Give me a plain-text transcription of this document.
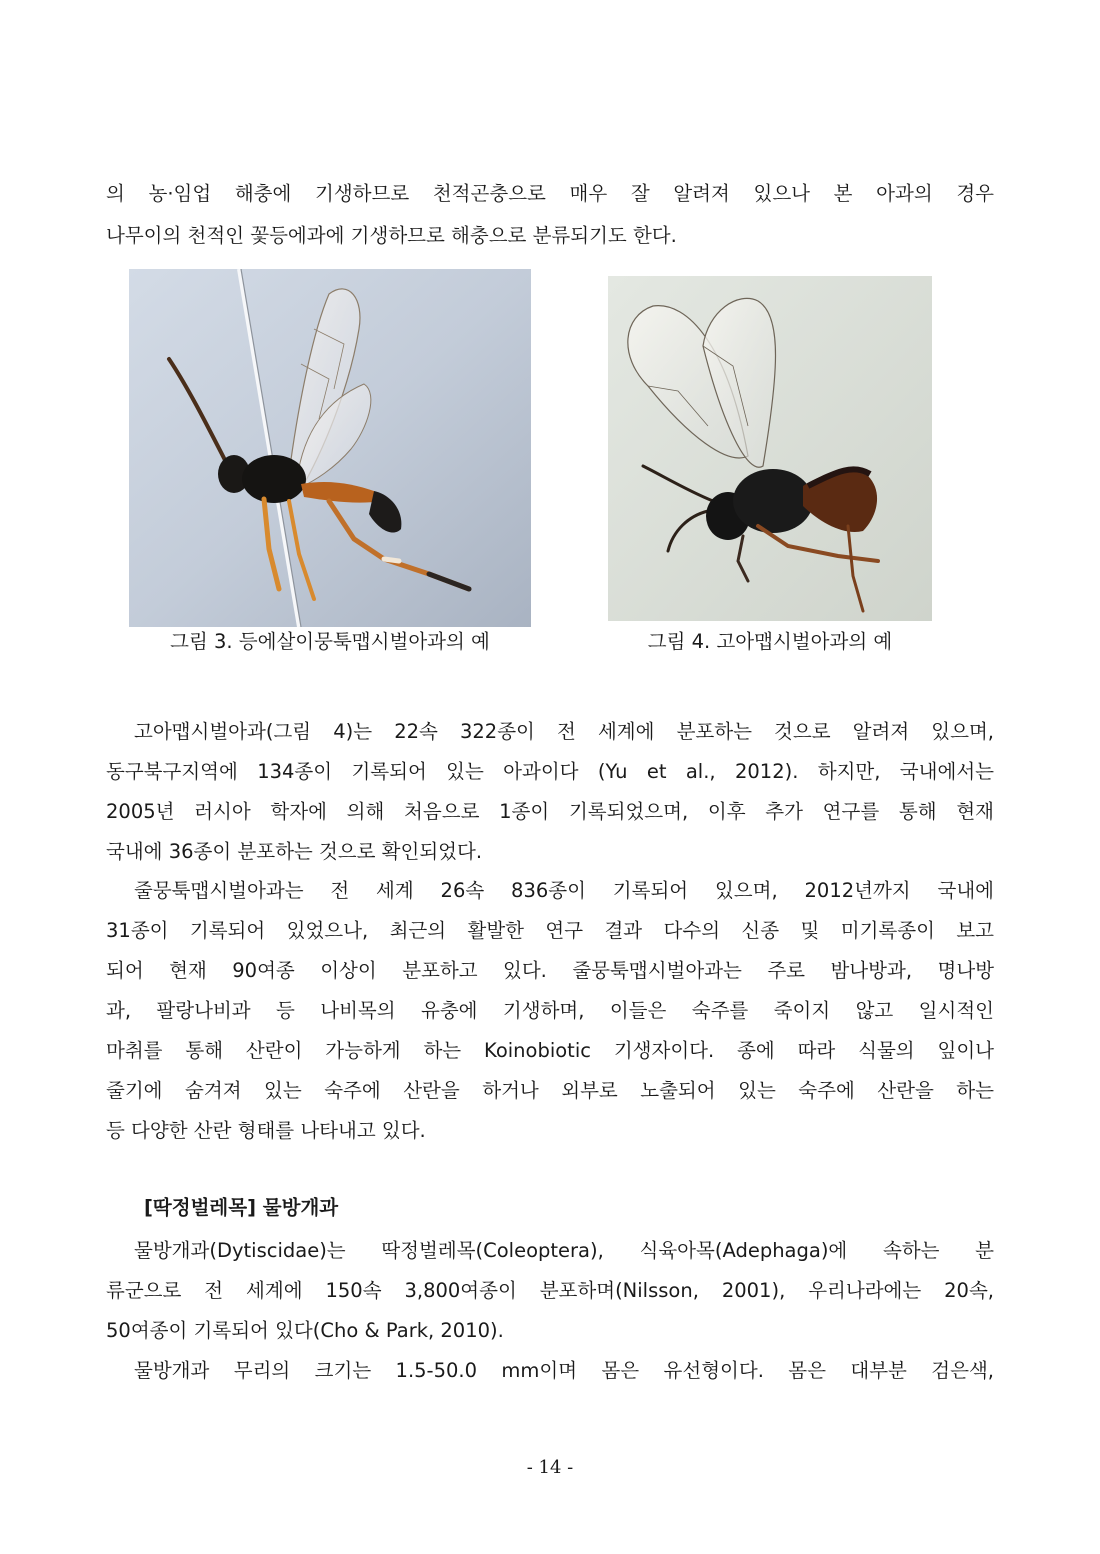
의 농·임업 해충에 기생하므로 천적곤충으로 매우 잘 알려져 있으나 본 아과의 경우
나무이의 천적인 꽃등에과에 기생하므로 해충으로 분류되기도 한다.
그림 3. 등에살이뭉툭맵시벌아과의 예	그림 4. 고아맵시벌아과의 예
고아맵시벌아과(그림 4)는 22속 322종이 전 세계에 분포하는 것으로 알려져 있으며,
동구북구지역에 134종이 기록되어 있는 아과이다 (Yu et al., 2012). 하지만, 국내에서는
2005년 러시아 학자에 의해 처음으로 1종이 기록되었으며, 이후 추가 연구를 통해 현재
국내에 36종이 분포하는 것으로 확인되었다.
줄뭉툭맵시벌아과는 전 세계 26속 836종이 기록되어 있으며, 2012년까지 국내에
31종이 기록되어 있었으나, 최근의 활발한 연구 결과 다수의 신종 및 미기록종이 보고
되어 현재 90여종 이상이 분포하고 있다. 줄뭉툭맵시벌아과는 주로 밤나방과, 명나방
과, 팔랑나비과 등 나비목의 유충에 기생하며, 이들은 숙주를 죽이지 않고 일시적인
마취를 통해 산란이 가능하게 하는 Koinobiotic 기생자이다. 종에 따라 식물의 잎이나
줄기에 숨겨져 있는 숙주에 산란을 하거나 외부로 노출되어 있는 숙주에 산란을 하는
등 다양한 산란 형태를 나타내고 있다.
[딱정벌레목] 물방개과
물방개과(Dytiscidae)는 딱정벌레목(Coleoptera), 식육아목(Adephaga)에 속하는 분
류군으로 전 세계에 150속 3,800여종이 분포하며(Nilsson, 2001), 우리나라에는 20속,
50여종이 기록되어 있다(Cho & Park, 2010).
물방개과 무리의 크기는 1.5-50.0 mm이며 몸은 유선형이다. 몸은 대부분 검은색,
- 14 -
